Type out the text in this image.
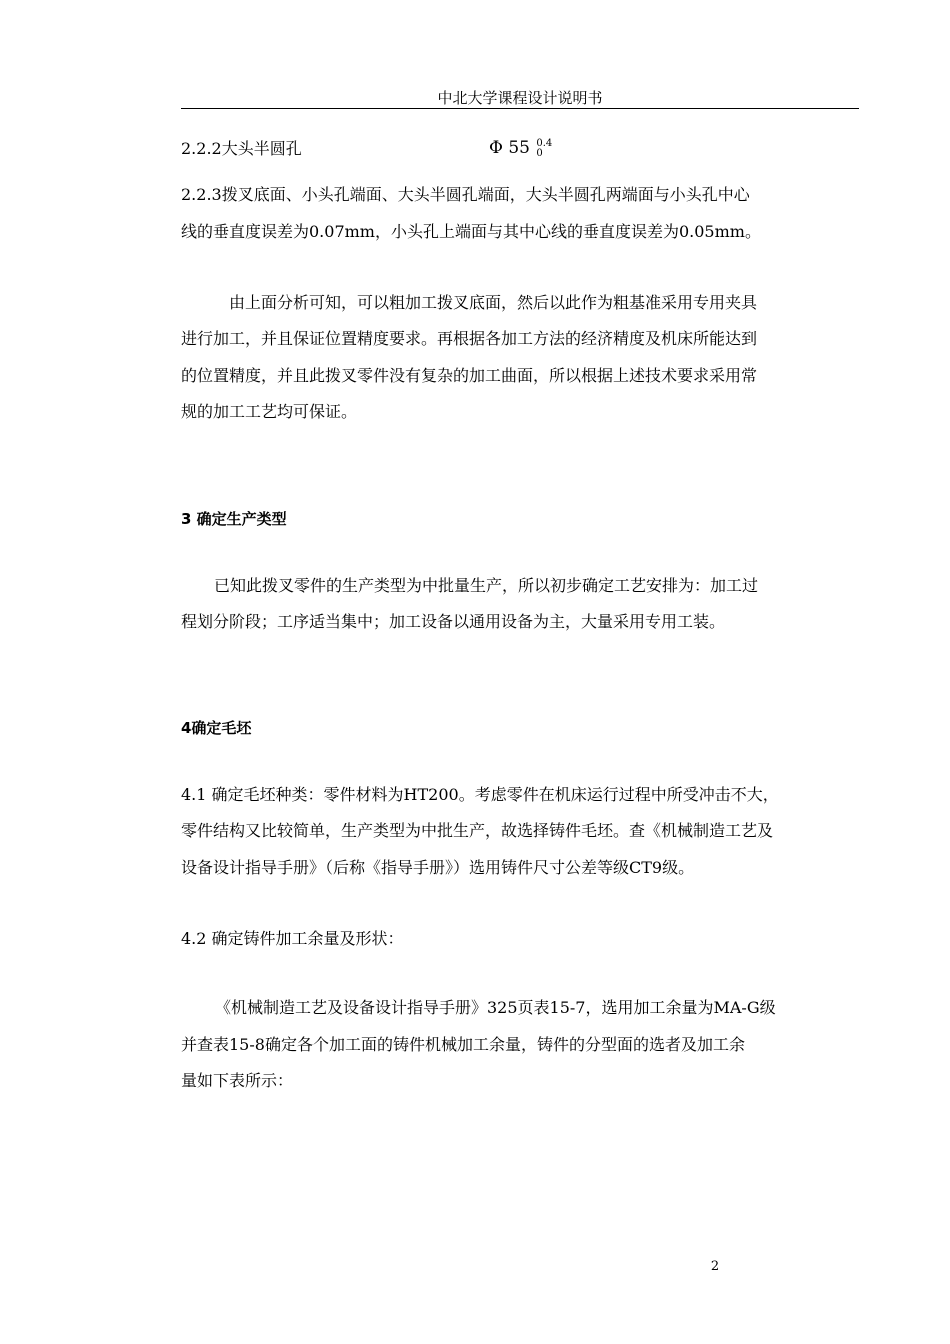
中北大学课程设计说明书
2.2.2大头半圆孔	Φ 55 0.4
0
2.2.3拨叉底面、小头孔端面、大头半圆孔端面，大头半圆孔两端面与小头孔中心
线的垂直度误差为0.07mm，小头孔上端面与其中心线的垂直度误差为0.05mm。
由上面分析可知，可以粗加工拨叉底面，然后以此作为粗基准采用专用夹具
进行加工，并且保证位置精度要求。再根据各加工方法的经济精度及机床所能达到
的位置精度，并且此拨叉零件没有复杂的加工曲面，所以根据上述技术要求采用常
规的加工工艺均可保证。
3 确定生产类型
已知此拨叉零件的生产类型为中批量生产，所以初步确定工艺安排为：加工过
程划分阶段；工序适当集中；加工设备以通用设备为主，大量采用专用工装。
4确定毛坯
4.1 确定毛坯种类：零件材料为HT200。考虑零件在机床运行过程中所受冲击不大，
零件结构又比较简单，生产类型为中批生产，故选择铸件毛坯。查《机械制造工艺及
设备设计指导手册》（后称《指导手册》）选用铸件尺寸公差等级CT9级。
4.2 确定铸件加工余量及形状：
《机械制造工艺及设备设计指导手册》325页表15-7，选用加工余量为MA-G级
并查表15-8确定各个加工面的铸件机械加工余量，铸件的分型面的选者及加工余
量如下表所示：
2
